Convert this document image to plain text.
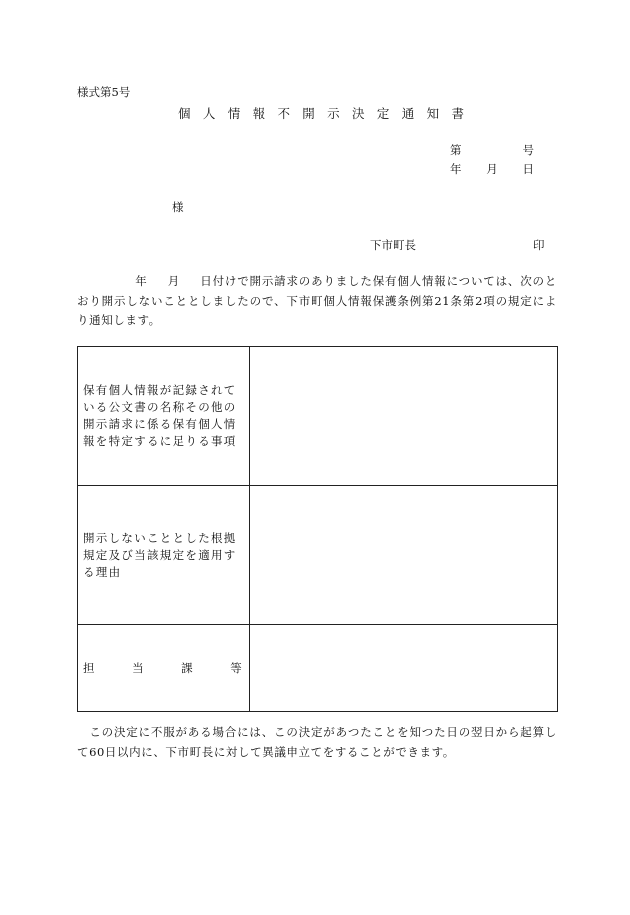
様式第5号
個 人 情 報 不 開 示 決 定 通 知 書
第	号
年 月 日
様
下市町長	印
年 月 日付けで開示請求のありました保有個人情報については、次のとおり開示しないこととしましたので、下市町個人情報保護条例第21条第2項の規定により通知します。
保有個人情報が記録されている公文書の名称その他の開示請求に係る保有個人情報を特定するに足りる事項	
開示しないこととした根拠規定及び当該規定を適用する理由	

担 当 課 等	

　この決定に不服がある場合には、この決定があつたことを知つた日の翌日から起算して60日以内に、下市町長に対して異議申立てをすることができます。
